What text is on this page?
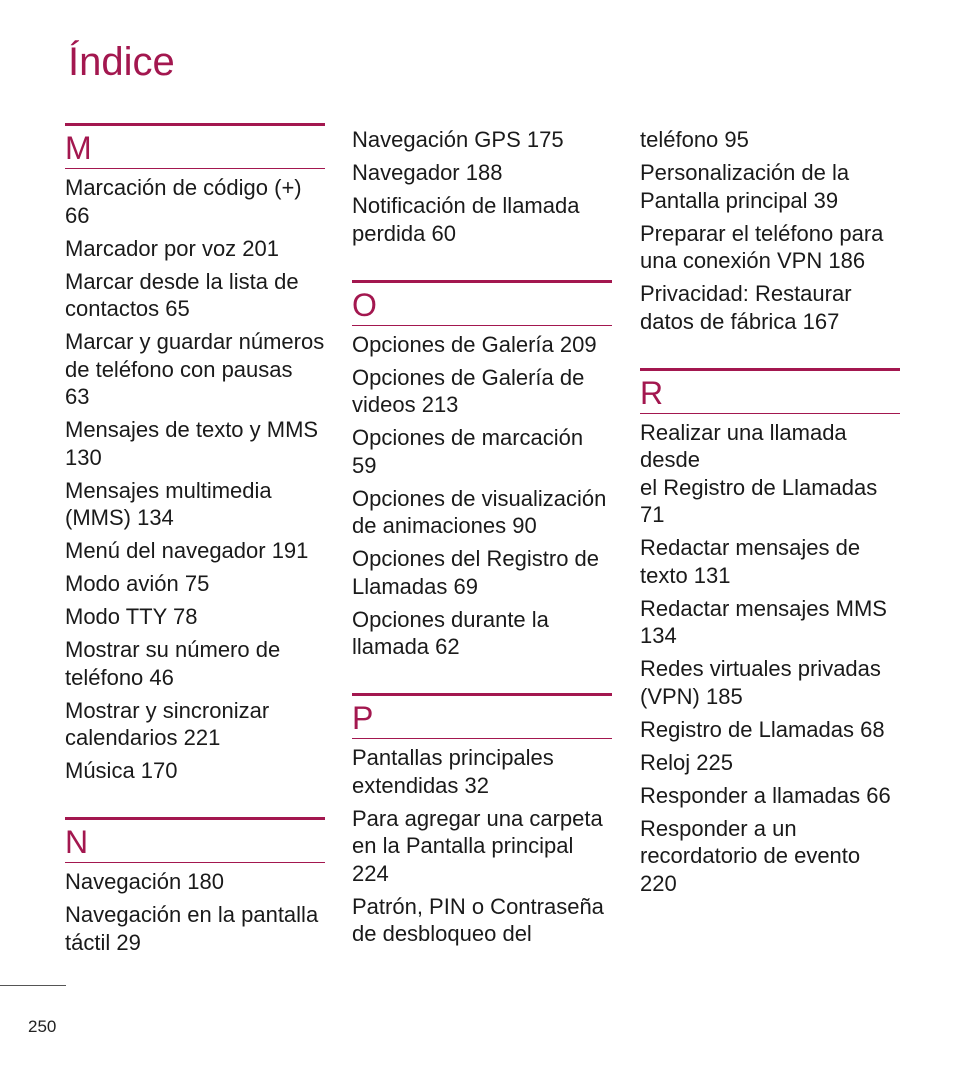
Índice
M
Marcación de código (+)
66
Marcador por voz 201
Marcar desde la lista de
contactos 65
Marcar y guardar números
de teléfono con pausas
63
Mensajes de texto y MMS
130
Mensajes multimedia
(MMS) 134
Menú del navegador 191
Modo avión 75
Modo TTY 78
Mostrar su número de
teléfono 46
Mostrar y sincronizar
calendarios 221
Música 170
N
Navegación 180
Navegación en la pantalla
táctil 29
Navegación GPS 175
Navegador 188
Notificación de llamada
perdida 60
O
Opciones de Galería 209
Opciones de Galería de
videos 213
Opciones de marcación
59
Opciones de visualización
de animaciones 90
Opciones del Registro de
Llamadas 69
Opciones durante la
llamada 62
P
Pantallas principales
extendidas 32
Para agregar una carpeta
en la Pantalla principal
224
Patrón, PIN o Contraseña
de desbloqueo del
teléfono 95
Personalización de la
Pantalla principal 39
Preparar el teléfono para
una conexión VPN 186
Privacidad: Restaurar
datos de fábrica 167
R
Realizar una llamada desde
el Registro de Llamadas
71
Redactar mensajes de
texto 131
Redactar mensajes MMS
134
Redes virtuales privadas
(VPN) 185
Registro de Llamadas 68
Reloj 225
Responder a llamadas 66
Responder a un
recordatorio de evento
220
250
